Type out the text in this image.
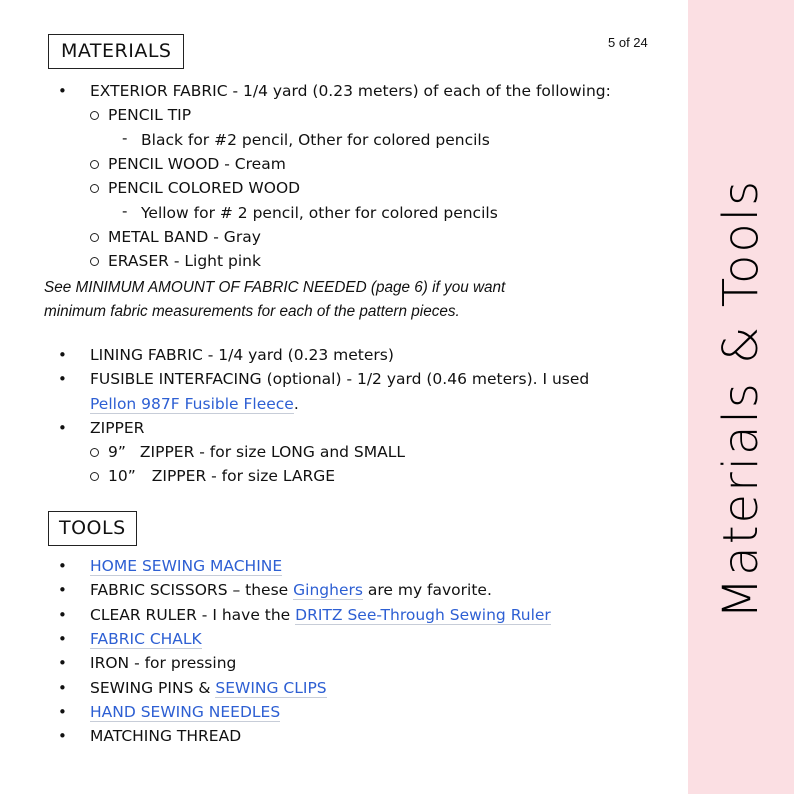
MATERIALS	5 of 24
• EXTERIOR FABRIC - 1/4 yard (0.23 meters) of each of the following:
PENCIL TIP
- Black for #2 pencil, Other for colored pencils
PENCIL WOOD - Cream
PENCIL COLORED WOOD
- Yellow for # 2 pencil, other for colored pencils
METAL BAND - Gray
ERASER - Light pink
See MINIMUM AMOUNT OF FABRIC NEEDED (page 6) if you want
minimum fabric measurements for each of the pattern pieces.
• LINING FABRIC - 1/4 yard (0.23 meters)
• FUSIBLE INTERFACING (optional) - 1/2 yard (0.46 meters). I used
Pellon 987F Fusible Fleece.
• ZIPPER
9” ZIPPER - for size LONG and SMALL
10” ZIPPER - for size LARGE
TOOLS
• HOME SEWING MACHINE
• FABRIC SCISSORS – these Ginghers are my favorite.
• CLEAR RULER - I have the DRITZ See-Through Sewing Ruler
• FABRIC CHALK
• IRON - for pressing
• SEWING PINS & SEWING CLIPS
• HAND SEWING NEEDLES
• MATCHING THREAD
Materials & Tools
